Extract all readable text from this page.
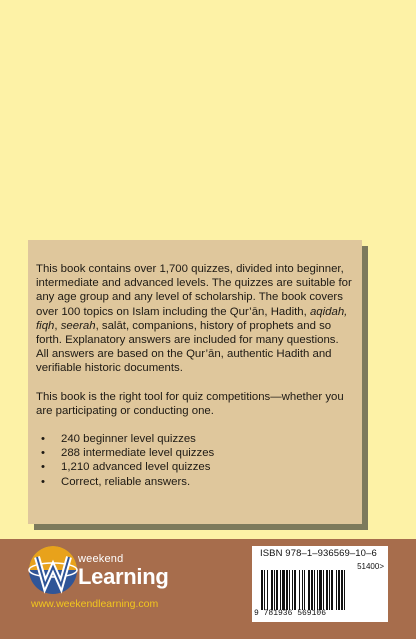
This book contains over 1,700 quizzes, divided into beginner, intermediate and advanced levels. The quizzes are suitable for any age group and any level of scholarship. The book covers over 100 topics on Islam including the Qur’ān, Hadith, aqidah, fiqh, seerah, salāt, companions, history of prophets and so forth. Explanatory answers are included for many questions. All answers are based on the Qur’ān, authentic Hadith and verifiable historic documents.

This book is the right tool for quiz competitions—whether you are participating or conducting one.

• 240 beginner level quizzes
• 288 intermediate level quizzes
• 1,210 advanced level quizzes
• Correct, reliable answers.
weekend
Learning
www.weekendlearning.com
ISBN 978–1–936569–10–6
51400>
9 781936 569106
